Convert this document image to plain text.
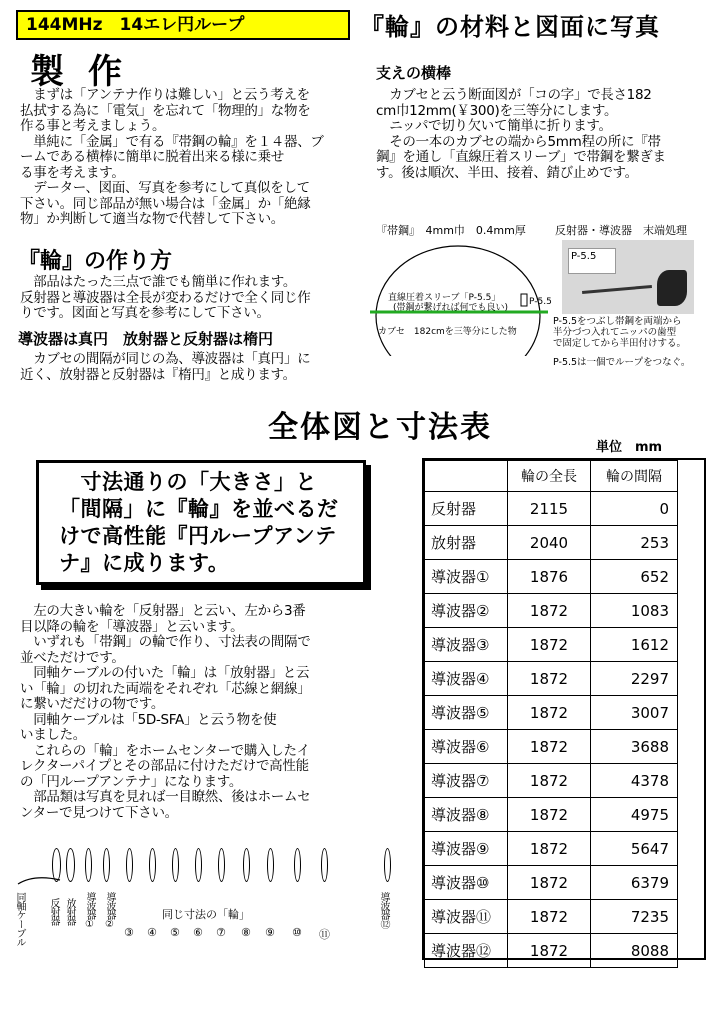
144MHz　14エレ円ループ	『輪』の材料と図面に写真
製作

　まずは「アンテナ作りは難しい」と云う考えを

払拭する為に「電気」を忘れて「物理的」な物を

作る事と考えましょう。

　単純に「金属」で有る『帯鋼の輪』を１４器、ブ

ームである横棒に簡単に脱着出来る様に乗せ

る事を考えます。

　データー、図面、写真を参考にして真似をして

下さい。同じ部品が無い場合は「金属」か「絶縁

物」か判断して適当な物で代替して下さい。

『輪』の作り方

　部品はたった三点で誰でも簡単に作れます。

反射器と導波器は全長が変わるだけで全く同じ作

りです。図面と写真を参考にして下さい。

導波器は真円　放射器と反射器は楕円

　カブセの間隔が同じの為、導波器は「真円」に

近く、放射器と反射器は『楕円』と成ります。

支えの横棒

　カブセと云う断面図が「コの字」で長さ182

cm巾12mm(￥300)を三等分にします。

　ニッパで切り欠いて簡単に折ります。

　その一本のカブセの端から5mm程の所に『帯

鋼』を通し「直線圧着スリーブ」で帯鋼を繋ぎま

す。後は順次、半田、接着、錆び止めです。

『帯鋼』　4mm巾　0.4mm厚	反射器・導波器　末端処理
直線圧着スリーブ「P-5.5」
(帯鋼が繋げれば何でも良い)
P-5.5
カブセ　182cmを三等分にした物
P-5.5
P-5.5をつぶし帯鋼を両端から
半分づつ入れてニッパの歯型
で固定してから半田付けする。
P-5.5は一個でループをつなぐ。
全体図と寸法表
単位　mm
　寸法通りの「大きさ」と「間隔」に『輪』を並べるだけで高性能『円ループアンテナ』に成ります。

　左の大きい輪を「反射器」と云い、左から3番

目以降の輪を「導波器」と云います。

　いずれも「帯鋼」の輪で作り、寸法表の間隔で

並べただけです。

　同軸ケーブルの付いた「輪」は「放射器」と云

い「輪」の切れた両端をそれぞれ「芯線と網線」

に繋いだだけの物です。

　同軸ケーブルは「5D-SFA」と云う物を使

いました。

　これらの「輪」をホームセンターで購入したイ

レクターパイプとその部品に付けただけで高性能

の「円ループアンテナ」になります。

　部品類は写真を見れば一目瞭然、後はホームセ

ンターで見つけて下さい。

	輪の全長	輪の間隔
反射器	2115	0
放射器	2040	253
導波器①	1876	652
導波器②	1872	1083
導波器③	1872	1612
導波器④	1872	2297
導波器⑤	1872	3007
導波器⑥	1872	3688
導波器⑦	1872	4378
導波器⑧	1872	4975
導波器⑨	1872	5647
導波器⑩	1872	6379
導波器⑪	1872	7235
導波器⑫	1872	8088
同軸ケーブル 反射器 放射器 導波器① 導波器②	導波器⑫
同じ寸法の「輪」
③ ④ ⑤ ⑥ ⑦ ⑧ ⑨ ⑩ ⑪
